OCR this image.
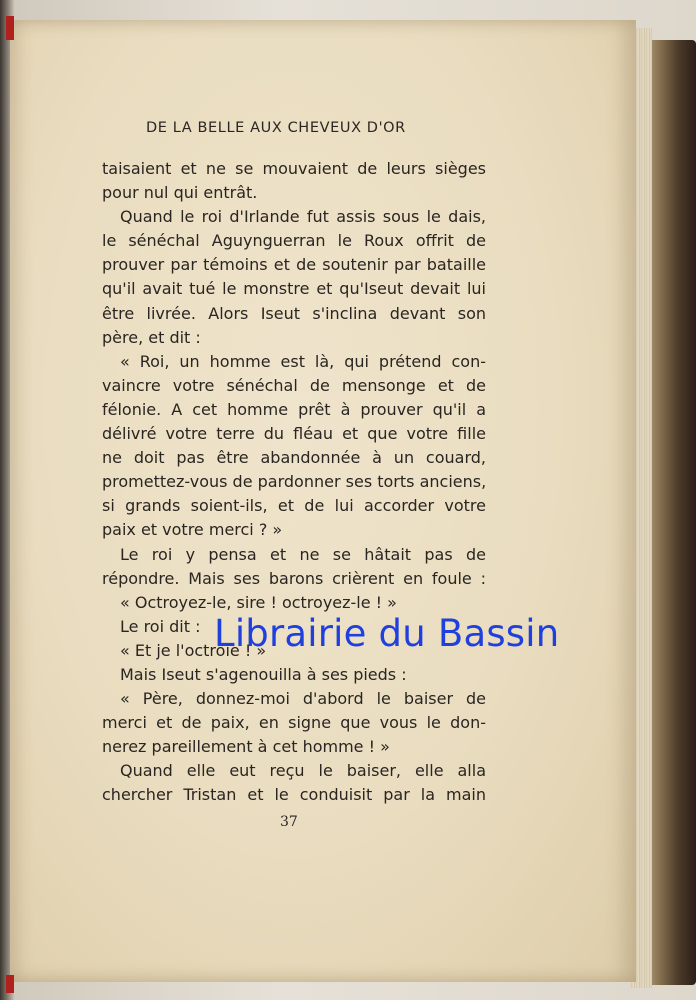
DE LA BELLE AUX CHEVEUX D'OR
taisaient et ne se mouvaient de leurs sièges
pour nul qui entrât.
Quand le roi d'Irlande fut assis sous le dais,
le sénéchal Aguynguerran le Roux offrit de
prouver par témoins et de soutenir par bataille
qu'il avait tué le monstre et qu'Iseut devait lui
être livrée. Alors Iseut s'inclina devant son
père, et dit :
« Roi, un homme est là, qui prétend con-
vaincre votre sénéchal de mensonge et de
félonie. A cet homme prêt à prouver qu'il a
délivré votre terre du fléau et que votre fille
ne doit pas être abandonnée à un couard,
promettez-vous de pardonner ses torts anciens,
si grands soient-ils, et de lui accorder votre
paix et votre merci ? »
Le roi y pensa et ne se hâtait pas de
répondre. Mais ses barons crièrent en foule :
« Octroyez-le, sire ! octroyez-le ! »
Le roi dit :
« Et je l'octroie ! »
Mais Iseut s'agenouilla à ses pieds :
« Père, donnez-moi d'abord le baiser de
merci et de paix, en signe que vous le don-
nerez pareillement à cet homme ! »
Quand elle eut reçu le baiser, elle alla
chercher Tristan et le conduisit par la main
37
Librairie du Bassin
